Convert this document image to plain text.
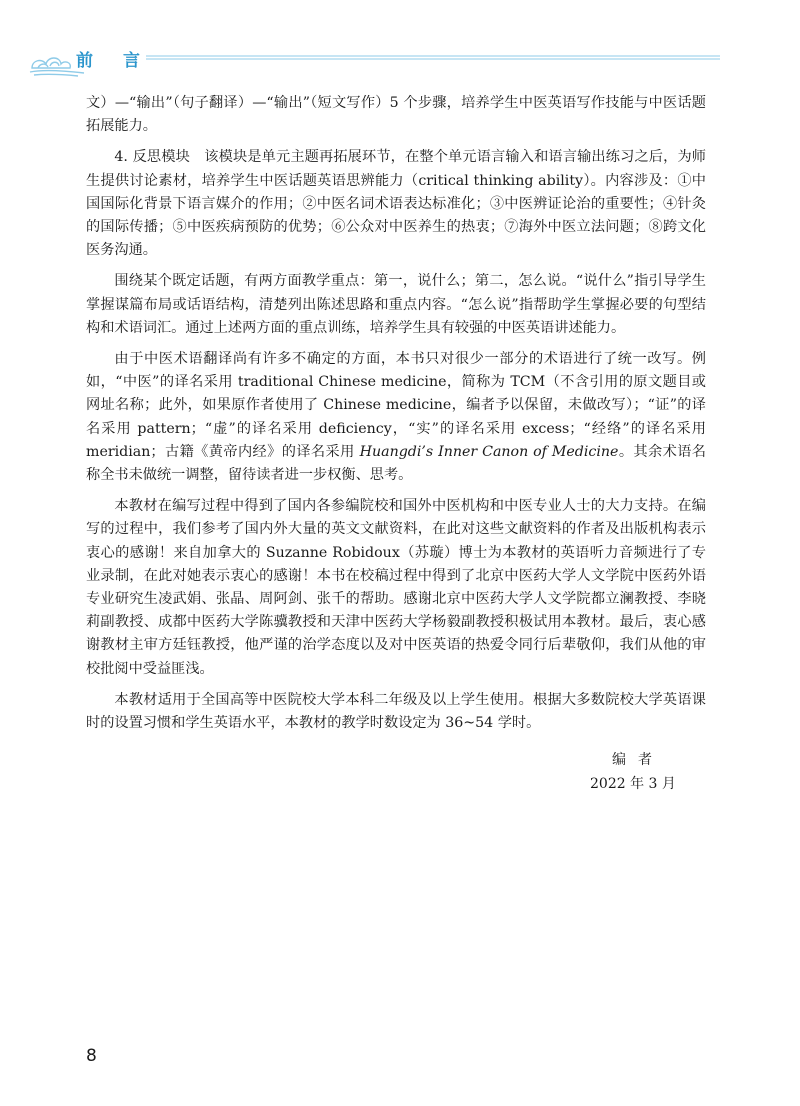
前 言

文）—“输出”（句子翻译）—“输出”（短文写作）5 个步骤，培养学生中医英语写作技能与中医话题拓展能力。

4. 反思模块　该模块是单元主题再拓展环节，在整个单元语言输入和语言输出练习之后，为师生提供讨论素材，培养学生中医话题英语思辨能力（critical thinking ability）。内容涉及：①中国国际化背景下语言媒介的作用；②中医名词术语表达标准化；③中医辨证论治的重要性；④针灸的国际传播；⑤中医疾病预防的优势；⑥公众对中医养生的热衷；⑦海外中医立法问题；⑧跨文化医务沟通。

围绕某个既定话题，有两方面教学重点：第一，说什么；第二，怎么说。“说什么”指引导学生掌握谋篇布局或话语结构，清楚列出陈述思路和重点内容。“怎么说”指帮助学生掌握必要的句型结构和术语词汇。通过上述两方面的重点训练，培养学生具有较强的中医英语讲述能力。

由于中医术语翻译尚有许多不确定的方面，本书只对很少一部分的术语进行了统一改写。例如，“中医”的译名采用 traditional Chinese medicine，简称为 TCM（不含引用的原文题目或网址名称；此外，如果原作者使用了 Chinese medicine，编者予以保留，未做改写）；“证”的译名采用 pattern；“虚”的译名采用 deficiency，“实”的译名采用 excess；“经络”的译名采用 meridian；古籍《黄帝内经》的译名采用 Huangdi’s Inner Canon of Medicine。其余术语名称全书未做统一调整，留待读者进一步权衡、思考。

本教材在编写过程中得到了国内各参编院校和国外中医机构和中医专业人士的大力支持。在编写的过程中，我们参考了国内外大量的英文文献资料，在此对这些文献资料的作者及出版机构表示衷心的感谢！来自加拿大的 Suzanne Robidoux（苏璇）博士为本教材的英语听力音频进行了专业录制，在此对她表示衷心的感谢！本书在校稿过程中得到了北京中医药大学人文学院中医药外语专业研究生凌武娟、张晶、周阿剑、张千的帮助。感谢北京中医药大学人文学院都立澜教授、李晓莉副教授、成都中医药大学陈骥教授和天津中医药大学杨毅副教授积极试用本教材。最后，衷心感谢教材主审方廷钰教授，他严谨的治学态度以及对中医英语的热爱令同行后辈敬仰，我们从他的审校批阅中受益匪浅。

本教材适用于全国高等中医院校大学本科二年级及以上学生使用。根据大多数院校大学英语课时的设置习惯和学生英语水平，本教材的教学时数设定为 36~54 学时。

编者
2022 年 3 月
8
